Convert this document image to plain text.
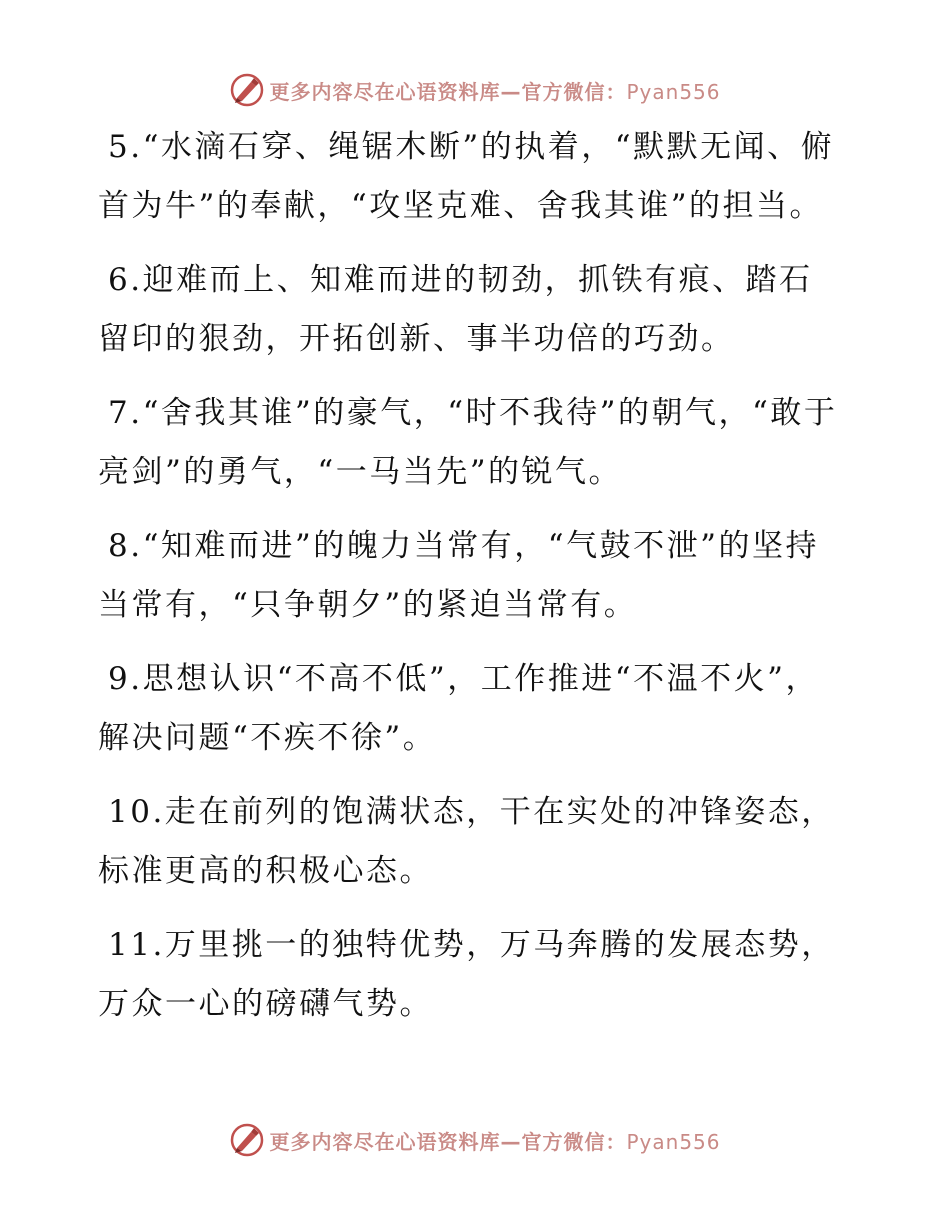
更多内容尽在心语资料库—官方微信：Pyan556

5.“水滴石穿、绳锯木断”的执着，“默默无闻、俯首为牛”的奉献，“攻坚克难、舍我其谁”的担当。

6.迎难而上、知难而进的韧劲，抓铁有痕、踏石留印的狠劲，开拓创新、事半功倍的巧劲。

7.“舍我其谁”的豪气，“时不我待”的朝气，“敢于亮剑”的勇气，“一马当先”的锐气。

8.“知难而进”的魄力当常有，“气鼓不泄”的坚持当常有，“只争朝夕”的紧迫当常有。

9.思想认识“不高不低”，工作推进“不温不火”，解决问题“不疾不徐”。

10.走在前列的饱满状态，干在实处的冲锋姿态，标准更高的积极心态。

11.万里挑一的独特优势，万马奔腾的发展态势，万众一心的磅礴气势。

更多内容尽在心语资料库—官方微信：Pyan556
